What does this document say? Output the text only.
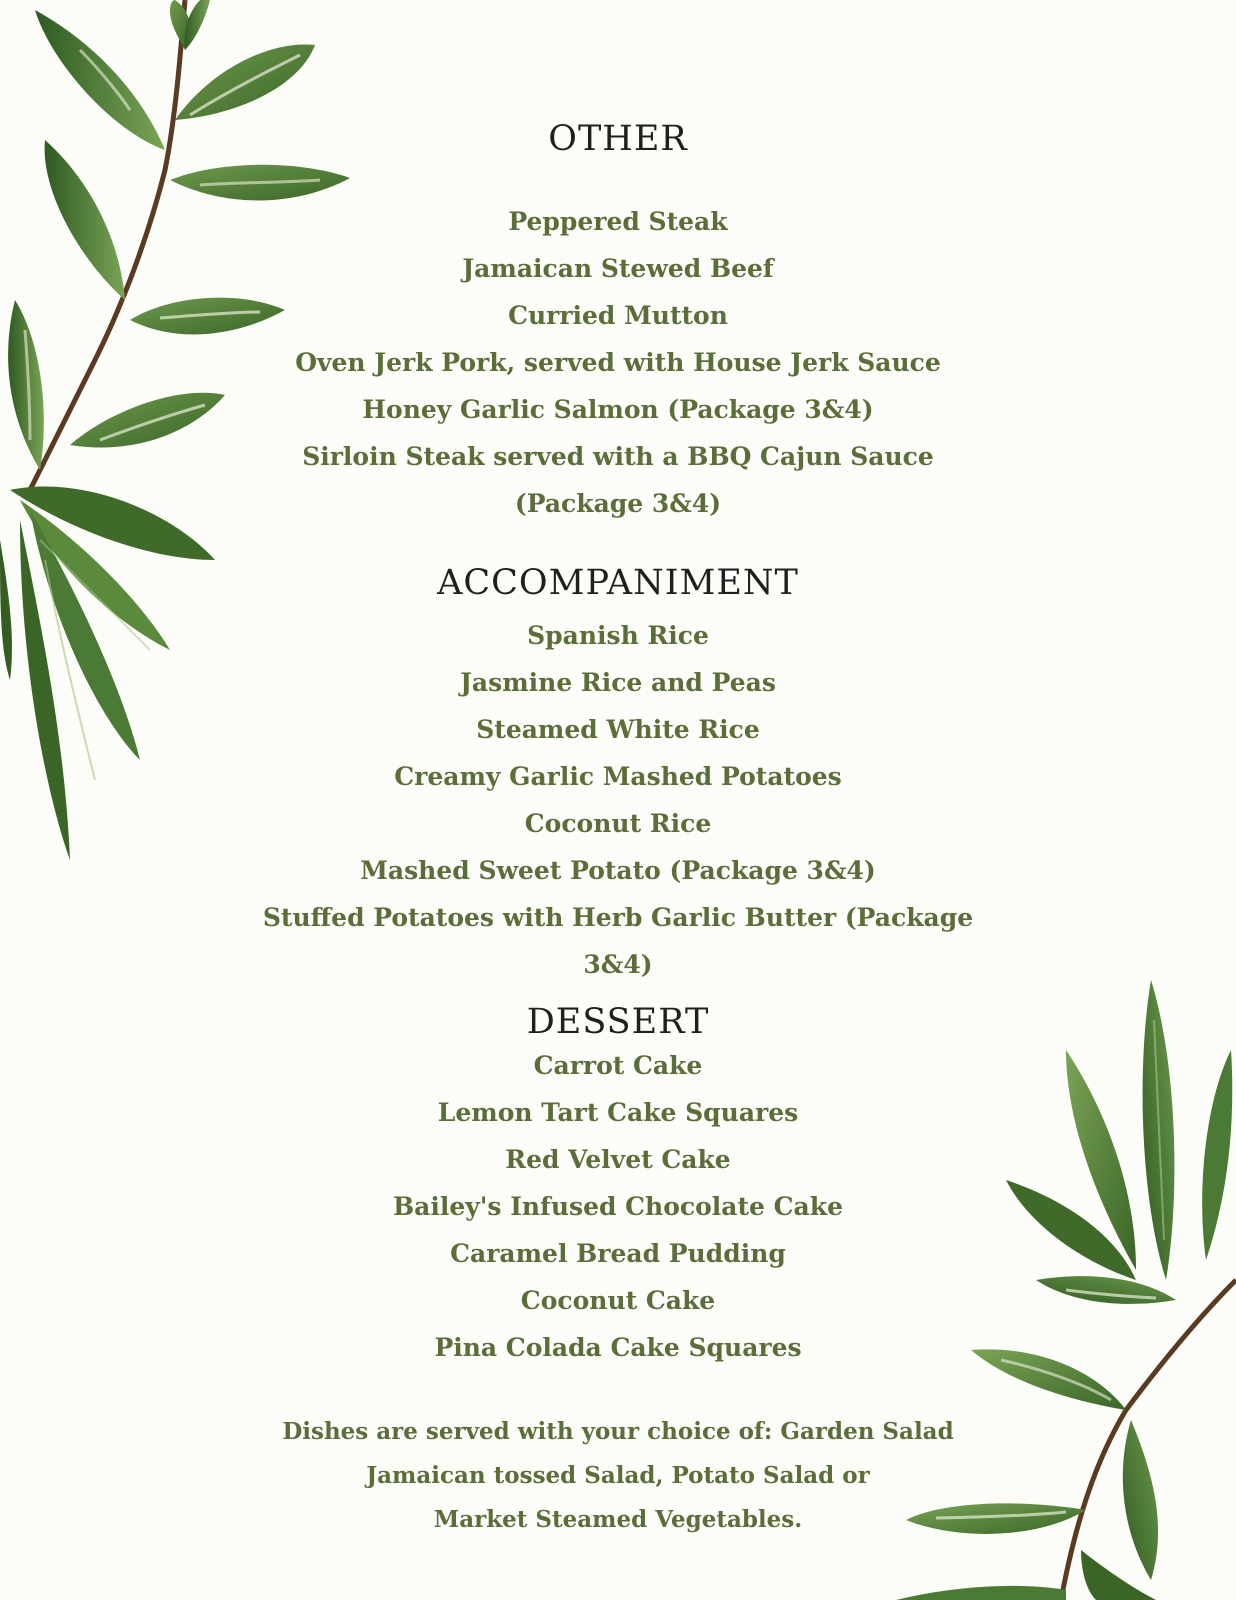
OTHER
Peppered Steak
Jamaican Stewed Beef
Curried Mutton
Oven Jerk Pork, served with House Jerk Sauce
Honey Garlic Salmon (Package 3&4)
Sirloin Steak served with a BBQ Cajun Sauce
(Package 3&4)
ACCOMPANIMENT
Spanish Rice
Jasmine Rice and Peas
Steamed White Rice
Creamy Garlic Mashed Potatoes
Coconut Rice
Mashed Sweet Potato (Package 3&4)
Stuffed Potatoes with Herb Garlic Butter (Package
3&4)
DESSERT
Carrot Cake
Lemon Tart Cake Squares
Red Velvet Cake
Bailey's Infused Chocolate Cake
Caramel Bread Pudding
Coconut Cake
Pina Colada Cake Squares
Dishes are served with your choice of: Garden Salad
Jamaican tossed Salad, Potato Salad or
Market Steamed Vegetables.
